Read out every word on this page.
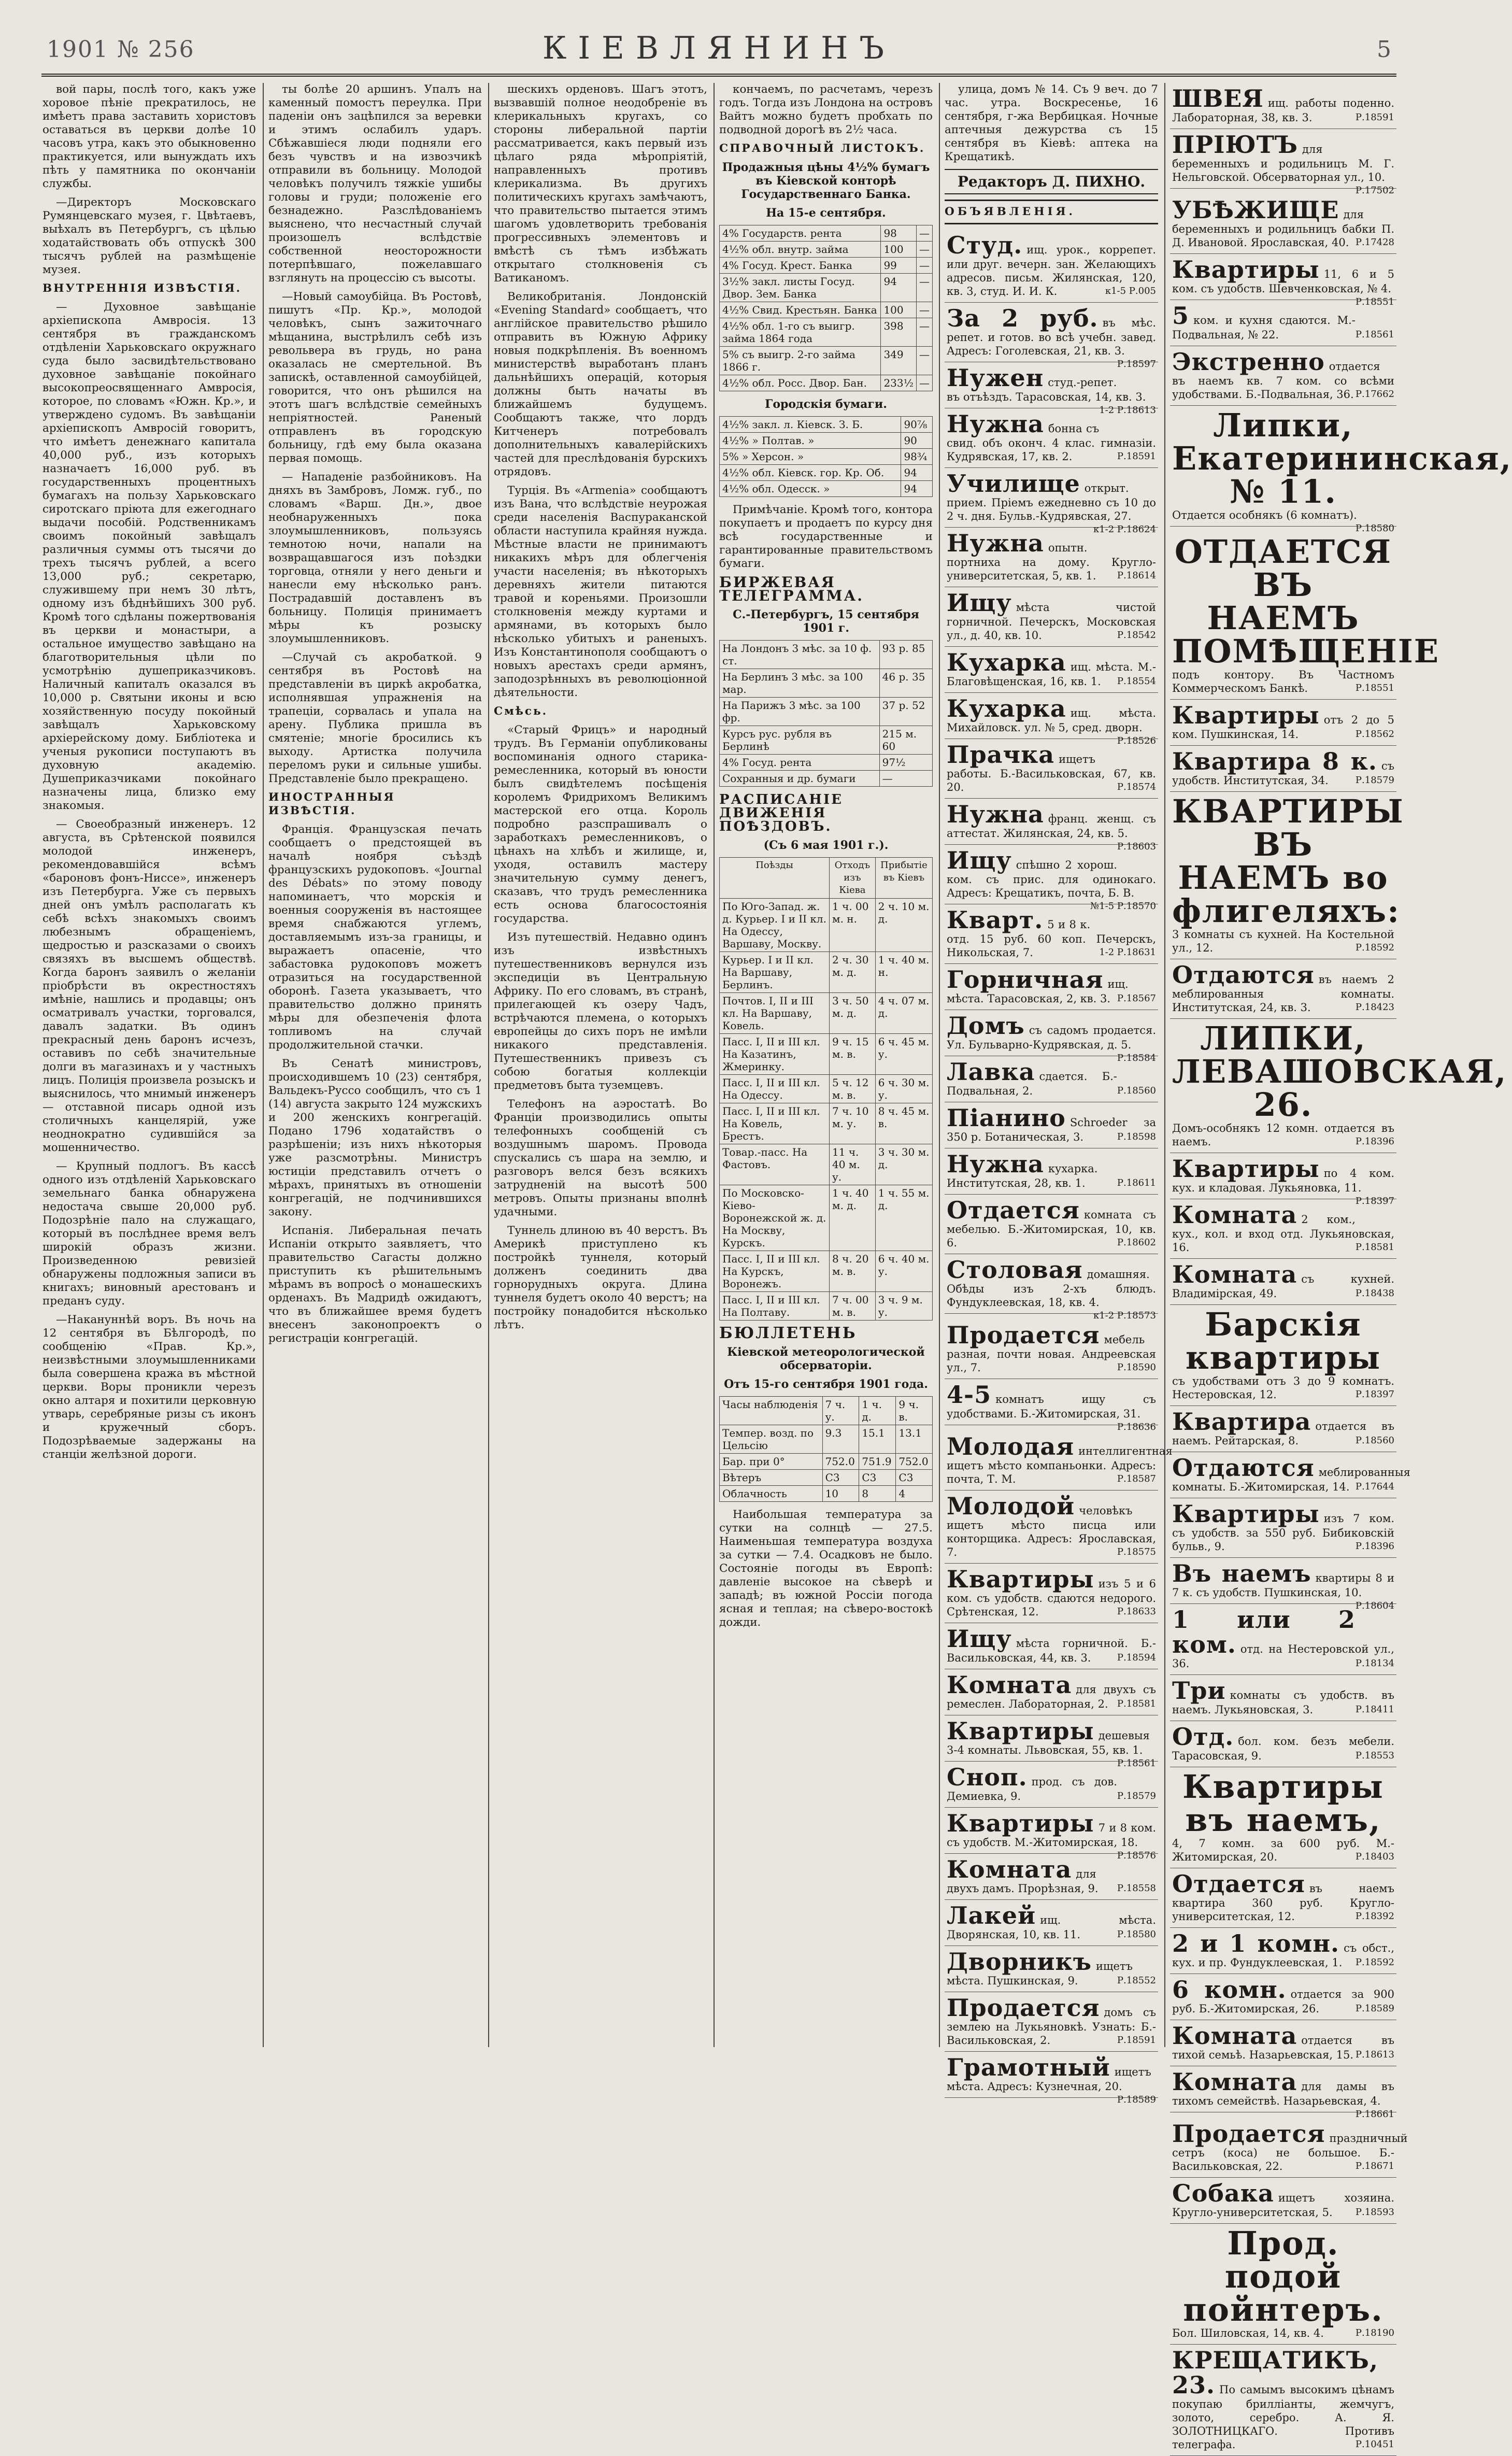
1901 № 256	КІЕВЛЯНИНЪ	5

вой пары, послѣ того, какъ уже хоровое пѣніе прекратилось, не имѣетъ права заставить хористовъ оставаться въ церкви долѣе 10 часовъ утра, какъ это обыкновенно практикуется, или вынуждать ихъ пѣть у памятника по окончаніи службы.

—Директоръ Московскаго Румянцевскаго музея, г. Цвѣтаевъ, выѣхалъ въ Петербургъ, съ цѣлью ходатайствовать объ отпускѣ 300 тысячъ рублей на размѣщеніе музея.

ВНУТРЕННІЯ ИЗВѢСТІЯ.

— Духовное завѣщаніе архіепископа Амвросія. 13 сентября въ гражданскомъ отдѣленіи Харьковскаго окружнаго суда было засвидѣтельствовано духовное завѣщаніе покойнаго высокопреосвященнаго Амвросія, которое, по словамъ «Южн. Кр.», и утверждено судомъ. Въ завѣщаніи архіепископъ Амвросій говоритъ, что имѣетъ денежнаго капитала 40,000 руб., изъ которыхъ назначаетъ 16,000 руб. въ государственныхъ процентныхъ бумагахъ на пользу Харьковскаго сиротскаго пріюта для ежегоднаго выдачи пособій. Родственникамъ своимъ покойный завѣщалъ различныя суммы отъ тысячи до трехъ тысячъ рублей, а всего 13,000 руб.; секретарю, служившему при немъ 30 лѣтъ, одному изъ бѣднѣйшихъ 300 руб. Кромѣ того сдѣланы пожертвованія въ церкви и монастыри, а остальное имущество завѣщано на благотворительныя цѣли по усмотрѣнію душеприказчиковъ. Наличный капиталъ оказался въ 10,000 р. Святыни иконы и всю хозяйственную посуду покойный завѣщалъ Харьковскому архіерейскому дому. Библіотека и ученыя рукописи поступаютъ въ духовную академію. Душеприказчиками покойнаго назначены лица, близко ему знакомыя.

— Своеобразный инженеръ. 12 августа, въ Срѣтенской появился молодой инженеръ, рекомендовавшійся всѣмъ «бароновъ фонъ-Ниссе», инженеръ изъ Петербурга. Уже съ первыхъ дней онъ умѣлъ располагать къ себѣ всѣхъ знакомыхъ своимъ любезнымъ обращеніемъ, щедростью и разсказами о своихъ связяхъ въ высшемъ обществѣ. Когда баронъ заявилъ о желаніи пріобрѣсти въ окрестностяхъ имѣніе, нашлись и продавцы; онъ осматривалъ участки, торговался, давалъ задатки. Въ одинъ прекрасный день баронъ исчезъ, оставивъ по себѣ значительные долги въ магазинахъ и у частныхъ лицъ. Полиція произвела розыскъ и выяснилось, что мнимый инженеръ — отставной писарь одной изъ столичныхъ канцелярій, уже неоднократно судившійся за мошенничество.

— Крупный подлогъ. Въ кассѣ одного изъ отдѣленій Харьковскаго земельнаго банка обнаружена недостача свыше 20,000 руб. Подозрѣніе пало на служащаго, который въ послѣднее время велъ широкій образъ жизни. Произведенною ревизіей обнаружены подложныя записи въ книгахъ; виновный арестованъ и преданъ суду.

—Накануннѣй воръ. Въ ночь на 12 сентября въ Бѣлгородѣ, по сообщенію «Прав. Кр.», неизвѣстными злоумышленниками была совершена кража въ мѣстной церкви. Воры проникли черезъ окно алтаря и похитили церковную утварь, серебряные ризы съ иконъ и кружечный сборъ. Подозрѣваемые задержаны на станціи желѣзной дороги.

ты болѣе 20 аршинъ. Упалъ на каменный помостъ переулка. При паденіи онъ зацѣпился за веревки и этимъ ослабилъ ударъ. Сбѣжавшіеся люди подняли его безъ чувствъ и на извозчикѣ отправили въ больницу. Молодой человѣкъ получилъ тяжкіе ушибы головы и груди; положеніе его безнадежно. Разслѣдованіемъ выяснено, что несчастный случай произошелъ вслѣдствіе собственной неосторожности потерпѣвшаго, пожелавшаго взглянуть на процессію съ высоты.

—Новый самоубійца. Въ Ростовѣ, пишутъ «Пр. Кр.», молодой человѣкъ, сынъ зажиточнаго мѣщанина, выстрѣлилъ себѣ изъ револьвера въ грудь, но рана оказалась не смертельной. Въ запискѣ, оставленной самоубійцей, говорится, что онъ рѣшился на этотъ шагъ вслѣдствіе семейныхъ непріятностей. Раненый отправленъ въ городскую больницу, гдѣ ему была оказана первая помощь.

— Нападеніе разбойниковъ. На дняхъ въ Замбровъ, Ломж. губ., по словамъ «Варш. Дн.», двое необнаруженныхъ пока злоумышленниковъ, пользуясь темнотою ночи, напали на возвращавшагося изъ поѣздки торговца, отняли у него деньги и нанесли ему нѣсколько ранъ. Пострадавшій доставленъ въ больницу. Полиція принимаетъ мѣры къ розыску злоумышленниковъ.

—Случай съ акробаткой. 9 сентября въ Ростовѣ на представленіи въ циркѣ акробатка, исполнявшая упражненія на трапеціи, сорвалась и упала на арену. Публика пришла въ смятеніе; многіе бросились къ выходу. Артистка получила переломъ руки и сильные ушибы. Представленіе было прекращено.

ИНОСТРАННЫЯ ИЗВѢСТІЯ.

Франція. Французская печать сообщаетъ о предстоящей въ началѣ ноября съѣздѣ французскихъ рудокоповъ. «Journal des Débats» по этому поводу напоминаетъ, что морскія и военныя сооруженія въ настоящее время снабжаются углемъ, доставляемымъ изъ-за границы, и выражаетъ опасеніе, что забастовка рудокоповъ можетъ отразиться на государственной оборонѣ. Газета указываетъ, что правительство должно принять мѣры для обезпеченія флота топливомъ на случай продолжительной стачки.

Въ Сенатѣ министровъ, происходившемъ 10 (23) сентября, Вальдекъ-Руссо сообщилъ, что съ 1 (14) августа закрыто 124 мужскихъ и 200 женскихъ конгрегацій. Подано 1796 ходатайствъ о разрѣшеніи; изъ нихъ нѣкоторыя уже разсмотрѣны. Министръ юстиціи представилъ отчетъ о мѣрахъ, принятыхъ въ отношеніи конгрегацій, не подчинившихся закону.

Испанія. Либеральная печать Испаніи открыто заявляетъ, что правительство Сагасты должно приступить къ рѣшительнымъ мѣрамъ въ вопросѣ о монашескихъ орденахъ. Въ Мадридѣ ожидаютъ, что въ ближайшее время будетъ внесенъ законопроектъ о регистраціи конгрегацій.

шескихъ орденовъ. Шагъ этотъ, вызвавшій полное неодобреніе въ клерикальныхъ кругахъ, со стороны либеральной партіи рассматривается, какъ первый изъ цѣлаго ряда мѣропріятій, направленныхъ противъ клерикализма. Въ другихъ политическихъ кругахъ замѣчаютъ, что правительство пытается этимъ шагомъ удовлетворить требованія прогрессивныхъ элементовъ и вмѣстѣ съ тѣмъ избѣжать открытаго столкновенія съ Ватиканомъ.

Великобританія. Лондонскій «Evening Standard» сообщаетъ, что англійское правительство рѣшило отправить въ Южную Африку новыя подкрѣпленія. Въ военномъ министерствѣ выработанъ планъ дальнѣйшихъ операцій, которыя должны быть начаты въ ближайшемъ будущемъ. Сообщаютъ также, что лордъ Китченеръ потребовалъ дополнительныхъ кавалерійскихъ частей для преслѣдованія бурскихъ отрядовъ.

Турція. Въ «Armenia» сообщаютъ изъ Вана, что вслѣдствіе неурожая среди населенія Васпураканской области наступила крайняя нужда. Мѣстные власти не принимаютъ никакихъ мѣръ для облегченія участи населенія; въ нѣкоторыхъ деревняхъ жители питаются травой и кореньями. Произошли столкновенія между куртами и армянами, въ которыхъ было нѣсколько убитыхъ и раненыхъ. Изъ Константинополя сообщаютъ о новыхъ арестахъ среди армянъ, заподозрѣнныхъ въ революціонной дѣятельности.

Смѣсь.

«Старый Фрицъ» и народный трудъ. Въ Германіи опубликованы воспоминанія одного старика-ремесленника, который въ юности былъ свидѣтелемъ посѣщенія королемъ Фридрихомъ Великимъ мастерской его отца. Король подробно разспрашивалъ о заработкахъ ремесленниковъ, о цѣнахъ на хлѣбъ и жилище, и, уходя, оставилъ мастеру значительную сумму денегъ, сказавъ, что трудъ ремесленника есть основа благосостоянія государства.

Изъ путешествій. Недавно одинъ изъ извѣстныхъ путешественниковъ вернулся изъ экспедиціи въ Центральную Африку. По его словамъ, въ странѣ, прилегающей къ озеру Чадъ, встрѣчаются племена, о которыхъ европейцы до сихъ поръ не имѣли никакого представленія. Путешественникъ привезъ съ собою богатыя коллекціи предметовъ быта туземцевъ.

Телефонъ на аэростатѣ. Во Франціи производились опыты телефонныхъ сообщеній съ воздушнымъ шаромъ. Провода спускались съ шара на землю, и разговоръ велся безъ всякихъ затрудненій на высотѣ 500 метровъ. Опыты признаны вполнѣ удачными.

Туннель длиною въ 40 верстъ. Въ Америкѣ приступлено къ постройкѣ туннеля, который долженъ соединить два горнорудныхъ округа. Длина туннеля будетъ около 40 верстъ; на постройку понадобится нѣсколько лѣтъ.

кончаемъ, по расчетамъ, черезъ годъ. Тогда изъ Лондона на островъ Вайтъ можно будетъ пробхать по подводной дорогѣ въ 2½ часа.

СПРАВОЧНЫЙ ЛИСТОКЪ.

Продажныя цѣны 4½% бумагъ въ Кіевской конторѣ Государственнаго Банка.

На 15-е сентября.

4% Государств. рента	98	—
4½% обл. внутр. займа	100	—
4% Госуд. Крест. Банка	99	—
3½% закл. листы Госуд. Двор. Зем. Банка	94	—
4½% Свид. Крестьян. Банка	100	—
4½% обл. 1-го съ выигр. займа 1864 года	398	—
5% съ выигр. 2-го займа 1866 г.	349	—
4½% обл. Росс. Двор. Бан.	233½	—

Городскія бумаги.

4½% закл. л. Кіевск. З. Б.	90⅞
4½% » Полтав. »	90
5% » Херсон. »	98¾
4½% обл. Кіевск. гор. Кр. Об.	94
4½% обл. Одесск. »	94

Примѣчаніе. Кромѣ того, контора покупаетъ и продаетъ по курсу дня всѣ государственные и гарантированные правительствомъ бумаги.

БИРЖЕВАЯ ТЕЛЕГРАММА.

С.-Петербургъ, 15 сентября 1901 г.

На Лондонъ 3 мѣс. за 10 ф. ст.	93 р. 85
На Берлинъ 3 мѣс. за 100 мар.	46 р. 35
На Парижъ 3 мѣс. за 100 фр.	37 р. 52
Курсъ рус. рубля въ Берлинѣ	215 м. 60
4% Госуд. рента	97½
Сохранныя и др. бумаги	—

РАСПИСАНІЕ ДВИЖЕНІЯ ПОѢЗДОВЪ.

(Съ 6 мая 1901 г.).

Поѣзды	Отходъ изъ Кіева	Прибытіе въ Кіевъ
По Юго-Запад. ж. д. Курьер. I и II кл. На Одессу, Варшаву, Москву.	1 ч. 00 м. н.	2 ч. 10 м. д.
Курьер. I и II кл. На Варшаву, Берлинъ.	2 ч. 30 м. д.	1 ч. 40 м. н.
Почтов. I, II и III кл. На Варшаву, Ковель.	3 ч. 50 м. д.	4 ч. 07 м. д.
Пасс. I, II и III кл. На Казатинъ, Жмеринку.	9 ч. 15 м. в.	6 ч. 45 м. у.
Пасс. I, II и III кл. На Одессу.	5 ч. 12 м. в.	6 ч. 30 м. у.
Пасс. I, II и III кл. На Ковель, Брестъ.	7 ч. 10 м. у.	8 ч. 45 м. в.
Товар.-пасс. На Фастовъ.	11 ч. 40 м. у.	3 ч. 30 м. д.
По Московско-Кіево-Воронежской ж. д. На Москву, Курскъ.	1 ч. 40 м. д.	1 ч. 55 м. д.
Пасс. I, II и III кл. На Курскъ, Воронежъ.	8 ч. 20 м. в.	6 ч. 40 м. у.
Пасс. I, II и III кл. На Полтаву.	7 ч. 00 м. в.	3 ч. 9 м. у.

БЮЛЛЕТЕНЬ

Кіевской метеорологической обсерваторіи.

Отъ 15-го сентября 1901 года.

Часы наблюденія	7 ч. у.	1 ч. д.	9 ч. в.
Темпер. возд. по Цельсію	9.3	15.1	13.1
Бар. при 0°	752.0	751.9	752.0
Вѣтеръ	C3	C3	C3
Облачность	10	8	4

Наибольшая температура за сутки на солнцѣ — 27.5. Наименьшая температура воздуха за сутки — 7.4. Осадковъ не было. Состояніе погоды въ Европѣ: давленіе высокое на сѣверѣ и западѣ; въ южной Россіи погода ясная и теплая; на сѣверо-востокѣ дожди.

улица, домъ № 14. Съ 9 веч. до 7 час. утра. Воскресенье, 16 сентября, г-жа Вербицкая. Ночные аптечныя дежурства съ 15 сентября въ Кіевѣ: аптека на Крещатикѣ.

Редакторъ Д. ПИХНО.

ОБЪЯВЛЕНІЯ.

Студ. ищ. урок., коррепет. или друг. вечерн. зан. Желающихъ адресов. письм. Жилянская, 120, кв. 3, студ. И. И. К.	к1-5 Р.005
За 2 руб. въ мѣс. репет. и готов. во всѣ учебн. завед. Адресъ: Гоголевская, 21, кв. 3.
Р.18597
Нужен студ.-репет. въ отъѣздъ. Тарасовская, 14, кв. 3.
1-2 Р.18613
Нужна бонна съ свид. объ оконч. 4 клас. гимназіи. Кудрявская, 17, кв. 2.	Р.18591
Училище открыт. прием. Пріемъ ежедневно съ 10 до 2 ч. дня. Бульв.-Кудрявская, 27.
к1-2 Р.18624
Нужна опытн. портниха на дому. Кругло-университетская, 5, кв. 1. Р.18614
Ищу мѣста чистой горничной. Печерскъ, Московская ул., д. 40, кв. 10.	Р.18542
Кухарка ищ. мѣста. М.-Благовѣщенская, 16, кв. 1. Р.18554
Кухарка ищ. мѣста. Михайловск. ул. № 5, сред. дворн.
Р.18526
Прачка ищетъ работы. Б.-Васильковская, 67, кв. 20.	Р.18574
Нужна франц. женщ. съ аттестат. Жилянская, 24, кв. 5.
Р.18603
Ищу спѣшно 2 хорош. ком. съ прис. для одинокаго. Адресъ: Крещатикъ, почта, Б. В.
№1-5 Р.18570
Кварт. 5 и 8 к. отд. 15 руб. 60 коп. Печерскъ, Никольская, 7.	1-2 Р.18631
Горничная ищ. мѣста. Тарасовская, 2, кв. 3. Р.18567
Домъ съ садомъ продается. Ул. Бульварно-Кудрявская, д. 5.
Р.18584
Лавка сдается. Б.-Подвальная, 2.	Р.18560
Піанино Schroeder за 350 р. Ботаническая, 3.	Р.18598
Нужна кухарка. Институтская, 28, кв. 1.	Р.18611
Отдается комната съ мебелью. Б.-Житомирская, 10, кв. 6.	Р.18602
Столовая домашняя. Обѣды изъ 2-хъ блюдъ. Фундуклеевская, 18, кв. 4.
к1-2 Р.18573
Продается мебель разная, почти новая. Андреевская ул., 7.	Р.18590
4-5 комнатъ ищу съ удобствами. Б.-Житомирская, 31.
Р.18636
Молодая интеллигентная ищетъ мѣсто компаньонки. Адресъ: почта, Т. М.	Р.18587
Молодой человѣкъ ищетъ мѣсто писца или конторщика. Адресъ: Ярославская, 7.	Р.18575
Квартиры изъ 5 и 6 ком. съ удобств. сдаются недорого. Срѣтенская, 12.	Р.18633
Ищу мѣста горничной. Б.-Васильковская, 44, кв. 3.	Р.18594
Комната для двухъ съ ремеслен. Лабораторная, 2. Р.18581
Квартиры дешевыя 3-4 комнаты. Львовская, 55, кв. 1.
Р.18561
Сноп. прод. съ дов. Демиевка, 9.	Р.18579
Квартиры 7 и 8 ком. съ удобств. М.-Житомирская, 18.
Р.18576
Комната для двухъ дамъ. Прорѣзная, 9. Р.18558
Лакей ищ. мѣста. Дворянская, 10, кв. 11.	Р.18580
Дворникъ ищетъ мѣста. Пушкинская, 9.	Р.18552
Продается домъ съ землею на Лукьяновкѣ. Узнать: Б.-Васильковская, 2.	Р.18591
Грамотный ищетъ мѣста. Адресъ: Кузнечная, 20.
Р.18589
ШВЕЯ ищ. работы поденно. Лабораторная, 38, кв. 3.	Р.18591
ПРІЮТЪ для беременныхъ и родильницъ М. Г. Нельговской. Обсерваторная ул., 10.
Р.17502
УБѢЖИЩЕ для беременныхъ и родильницъ бабки П. Д. Ивановой. Ярославская, 40. Р.17428
Квартиры 11, 6 и 5 ком. съ удобств. Шевченковская, № 4.
Р.18551
5 ком. и кухня сдаются. М.-Подвальная, № 22.	Р.18561
Экстренно отдается въ наемъ кв. 7 ком. со всѣми удобствами. Б.-Подвальная, 36. Р.17662
Липки, Екатерининская, № 11.
Отдается особнякъ (6 комнатъ).
Р.18580
ОТДАЕТСЯ ВЪ НАЕМЪ ПОМѢЩЕНІЕ
подъ контору. Въ Частномъ Коммерческомъ Банкѣ.	Р.18551
Квартиры отъ 2 до 5 ком. Пушкинская, 14.	Р.18562
Квартира 8 к. съ удобств. Институтская, 34.	Р.18579
КВАРТИРЫ ВЪ НАЕМЪ во флигеляхъ:
3 комнаты съ кухней. На Костельной ул., 12.	Р.18592
Отдаются въ наемъ 2 меблированныя комнаты. Институтская, 24, кв. 3.	Р.18423
ЛИПКИ, ЛЕВАШОВСКАЯ, 26.
Домъ-особнякъ 12 комн. отдается въ наемъ.	Р.18396
Квартиры по 4 ком. кух. и кладовая. Лукьяновка, 11.
Р.18397
Комната 2 ком., кух., кол. и вход отд. Лукьяновская, 16.	Р.18581
Комната съ кухней. Владимірская, 49.	Р.18438
Барскія квартиры
съ удобствами отъ 3 до 9 комнатъ. Нестеровская, 12.	Р.18397
Квартира отдается въ наемъ. Рейтарская, 8.	Р.18560
Отдаются меблированныя комнаты. Б.-Житомирская, 14. Р.17644
Квартиры изъ 7 ком. съ удобств. за 550 руб. Бибиковскій бульв., 9.	Р.18396
Въ наемъ квартиры 8 и 7 к. съ удобств. Пушкинская, 10.
Р.18604
1 или 2 ком. отд. на Нестеровской ул., 36.	Р.18134
Три комнаты съ удобств. въ наемъ. Лукьяновская, 3.	Р.18411
Отд. бол. ком. безъ мебели. Тарасовская, 9.	Р.18553
Квартиры въ наемъ,
4, 7 комн. за 600 руб. М.-Житомирская, 20.	Р.18403
Отдается въ наемъ квартира 360 руб. Кругло-университетская, 12.	Р.18392
2 и 1 комн. съ обст., кух. и пр. Фундуклеевская, 1. Р.18592
6 комн. отдается за 900 руб. Б.-Житомирская, 26.	Р.18589
Комната отдается въ тихой семьѣ. Назарьевская, 15. Р.18613
Комната для дамы въ тихомъ семействѣ. Назарьевская, 4.
Р.18661
Продается праздничный сетръ (коса) не большое. Б.-Васильковская, 22.	Р.18671
Собака ищетъ хозяина. Кругло-университетская, 5. Р.18593
Прод. подой пойнтеръ.
Бол. Шиловская, 14, кв. 4.	Р.18190
КРЕЩАТИКЪ, 23. По самымъ высокимъ цѣнамъ покупаю брилліанты, жемчугъ, золото, серебро. А. Я. ЗОЛОТНИЦКАГО. Противъ телеграфа.	Р.10451
